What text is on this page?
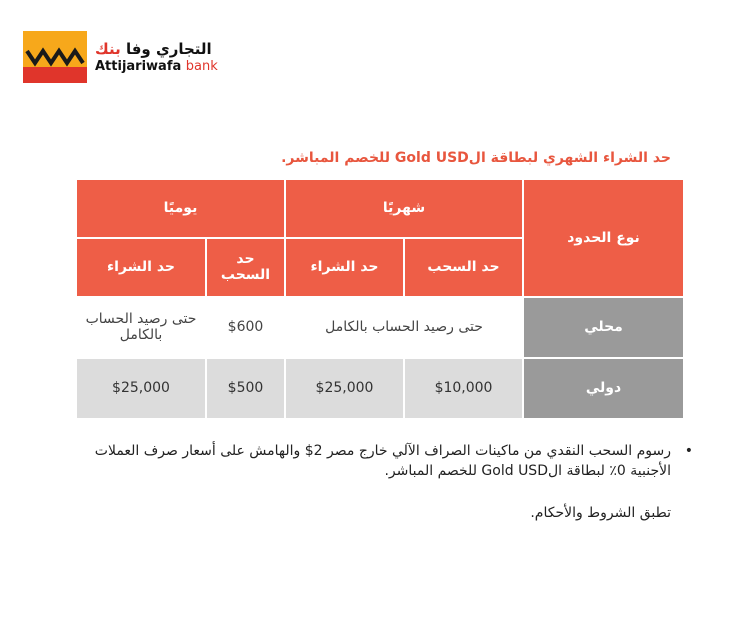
التجاري وفا بنك
Attijariwafa bank
حد الشراء الشهري لبطاقة الGold USD للخصم المباشر.
نوع الحدود	شهريًا		يوميًا	
	حد السحب	حد الشراء	حد السحب	حد الشراء
محلي	حتى رصيد الحساب بالكامل		$600	حتى رصيد الحساب بالكامل
دولي	$10,000	$25,000	$500	$25,000
•
رسوم السحب النقدي من ماكينات الصراف الآلي خارج مصر 2$ والهامش على أسعار صرف العملات الأجنبية 0٪ لبطاقة الGold USD للخصم المباشر.
تطبق الشروط والأحكام.
